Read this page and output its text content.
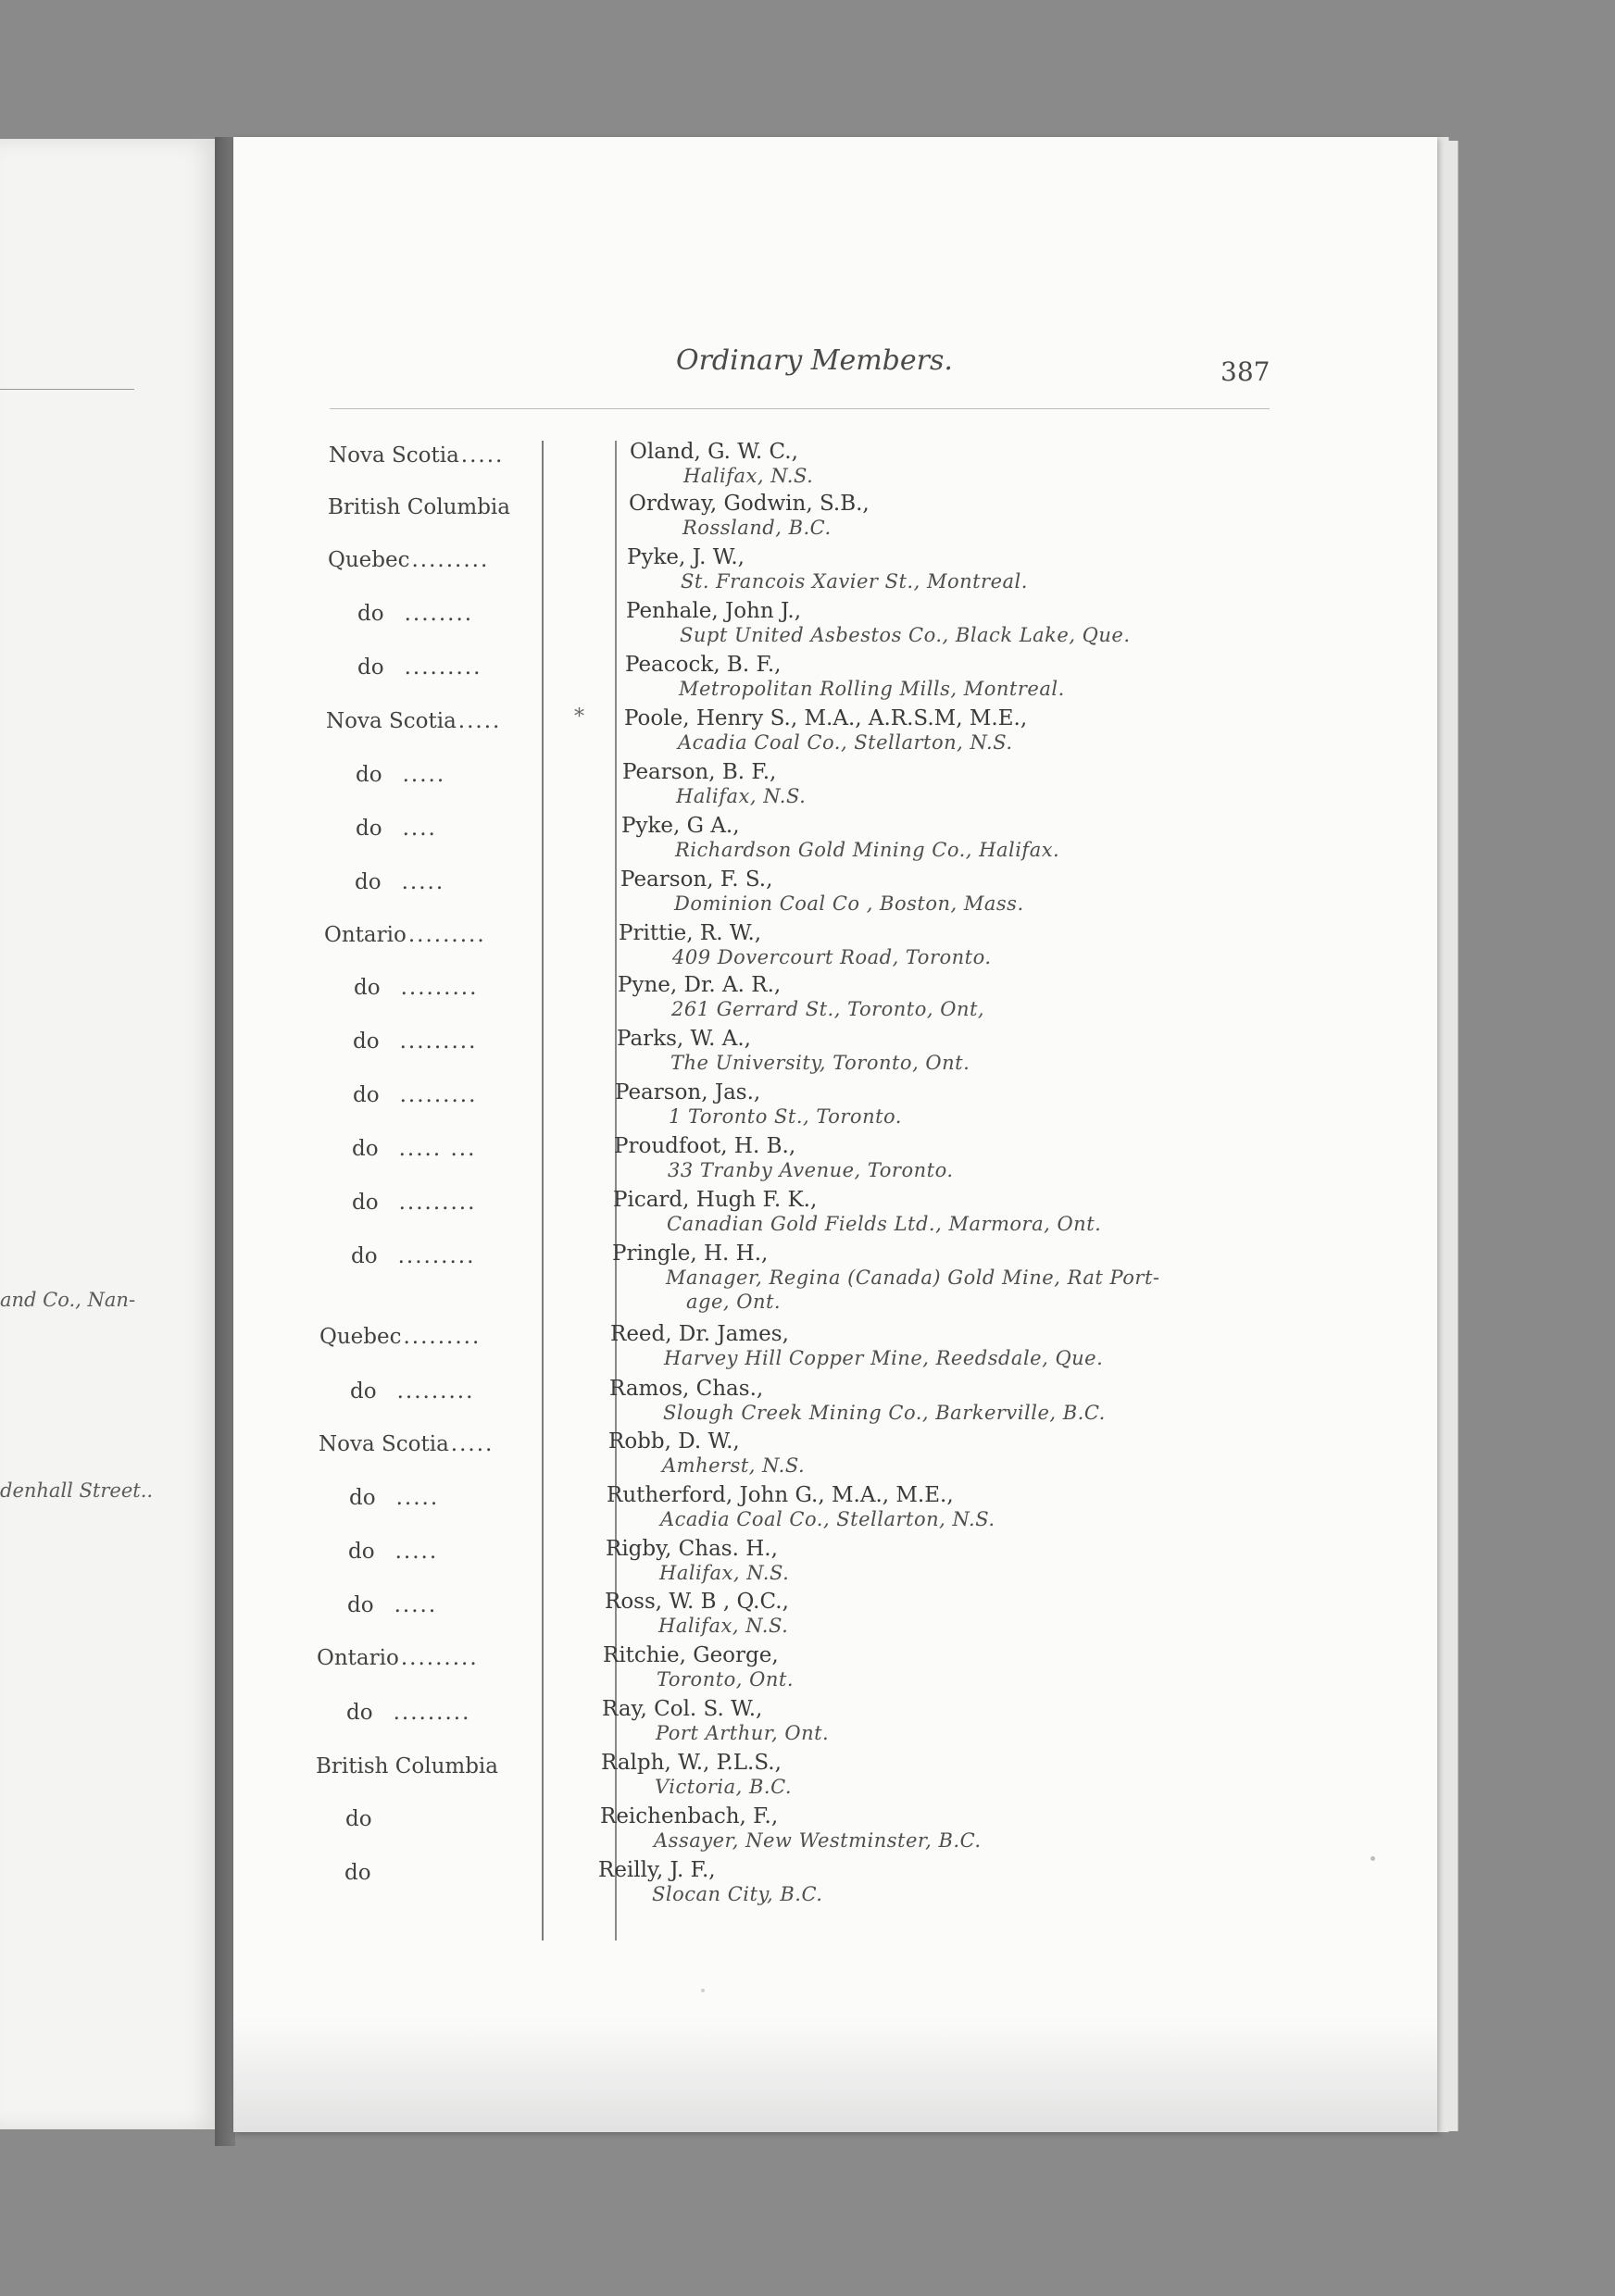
and Co., Nan-
denhall Street..
Ordinary Members.	387
Nova Scotia.....	Oland, G. W. C.,
Halifax, N.S.
British Columbia	Ordway, Godwin, S.B.,
Rossland, B.C.
Quebec.........	Pyke, J. W.,
St. Francois Xavier St., Montreal.
do ........	Penhale, John J.,
Supt United Asbestos Co., Black Lake, Que.
do .........	Peacock, B. F.,
Metropolitan Rolling Mills, Montreal.
Nova Scotia.....	* Poole, Henry S., M.A., A.R.S.M, M.E.,
Acadia Coal Co., Stellarton, N.S.
do .....	Pearson, B. F.,
Halifax, N.S.
do ....	Pyke, G A.,
Richardson Gold Mining Co., Halifax.
do .....	Pearson, F. S.,
Dominion Coal Co , Boston, Mass.
Ontario.........	Prittie, R. W.,
409 Dovercourt Road, Toronto.
do .........	Pyne, Dr. A. R.,
261 Gerrard St., Toronto, Ont,
do .........	Parks, W. A.,
The University, Toronto, Ont.
do .........	Pearson, Jas.,
1 Toronto St., Toronto.
do ..... ...	Proudfoot, H. B.,
33 Tranby Avenue, Toronto.
do .........	Picard, Hugh F. K.,
Canadian Gold Fields Ltd., Marmora, Ont.
do .........	Pringle, H. H.,
Manager, Regina (Canada) Gold Mine, Rat Port-
age, Ont.
Quebec.........	Reed, Dr. James,
Harvey Hill Copper Mine, Reedsdale, Que.
do .........	Ramos, Chas.,
Slough Creek Mining Co., Barkerville, B.C.
Nova Scotia.....	Robb, D. W.,
Amherst, N.S.
do .....	Rutherford, John G., M.A., M.E.,
Acadia Coal Co., Stellarton, N.S.
do .....	Rigby, Chas. H.,
Halifax, N.S.
do .....	Ross, W. B , Q.C.,
Halifax, N.S.
Ontario.........	Ritchie, George,
Toronto, Ont.
do .........	Ray, Col. S. W.,
Port Arthur, Ont.
British Columbia	Ralph, W., P.L.S.,
Victoria, B.C.
do	Reichenbach, F.,
Assayer, New Westminster, B.C.
do	Reilly, J. F.,
Slocan City, B.C.
